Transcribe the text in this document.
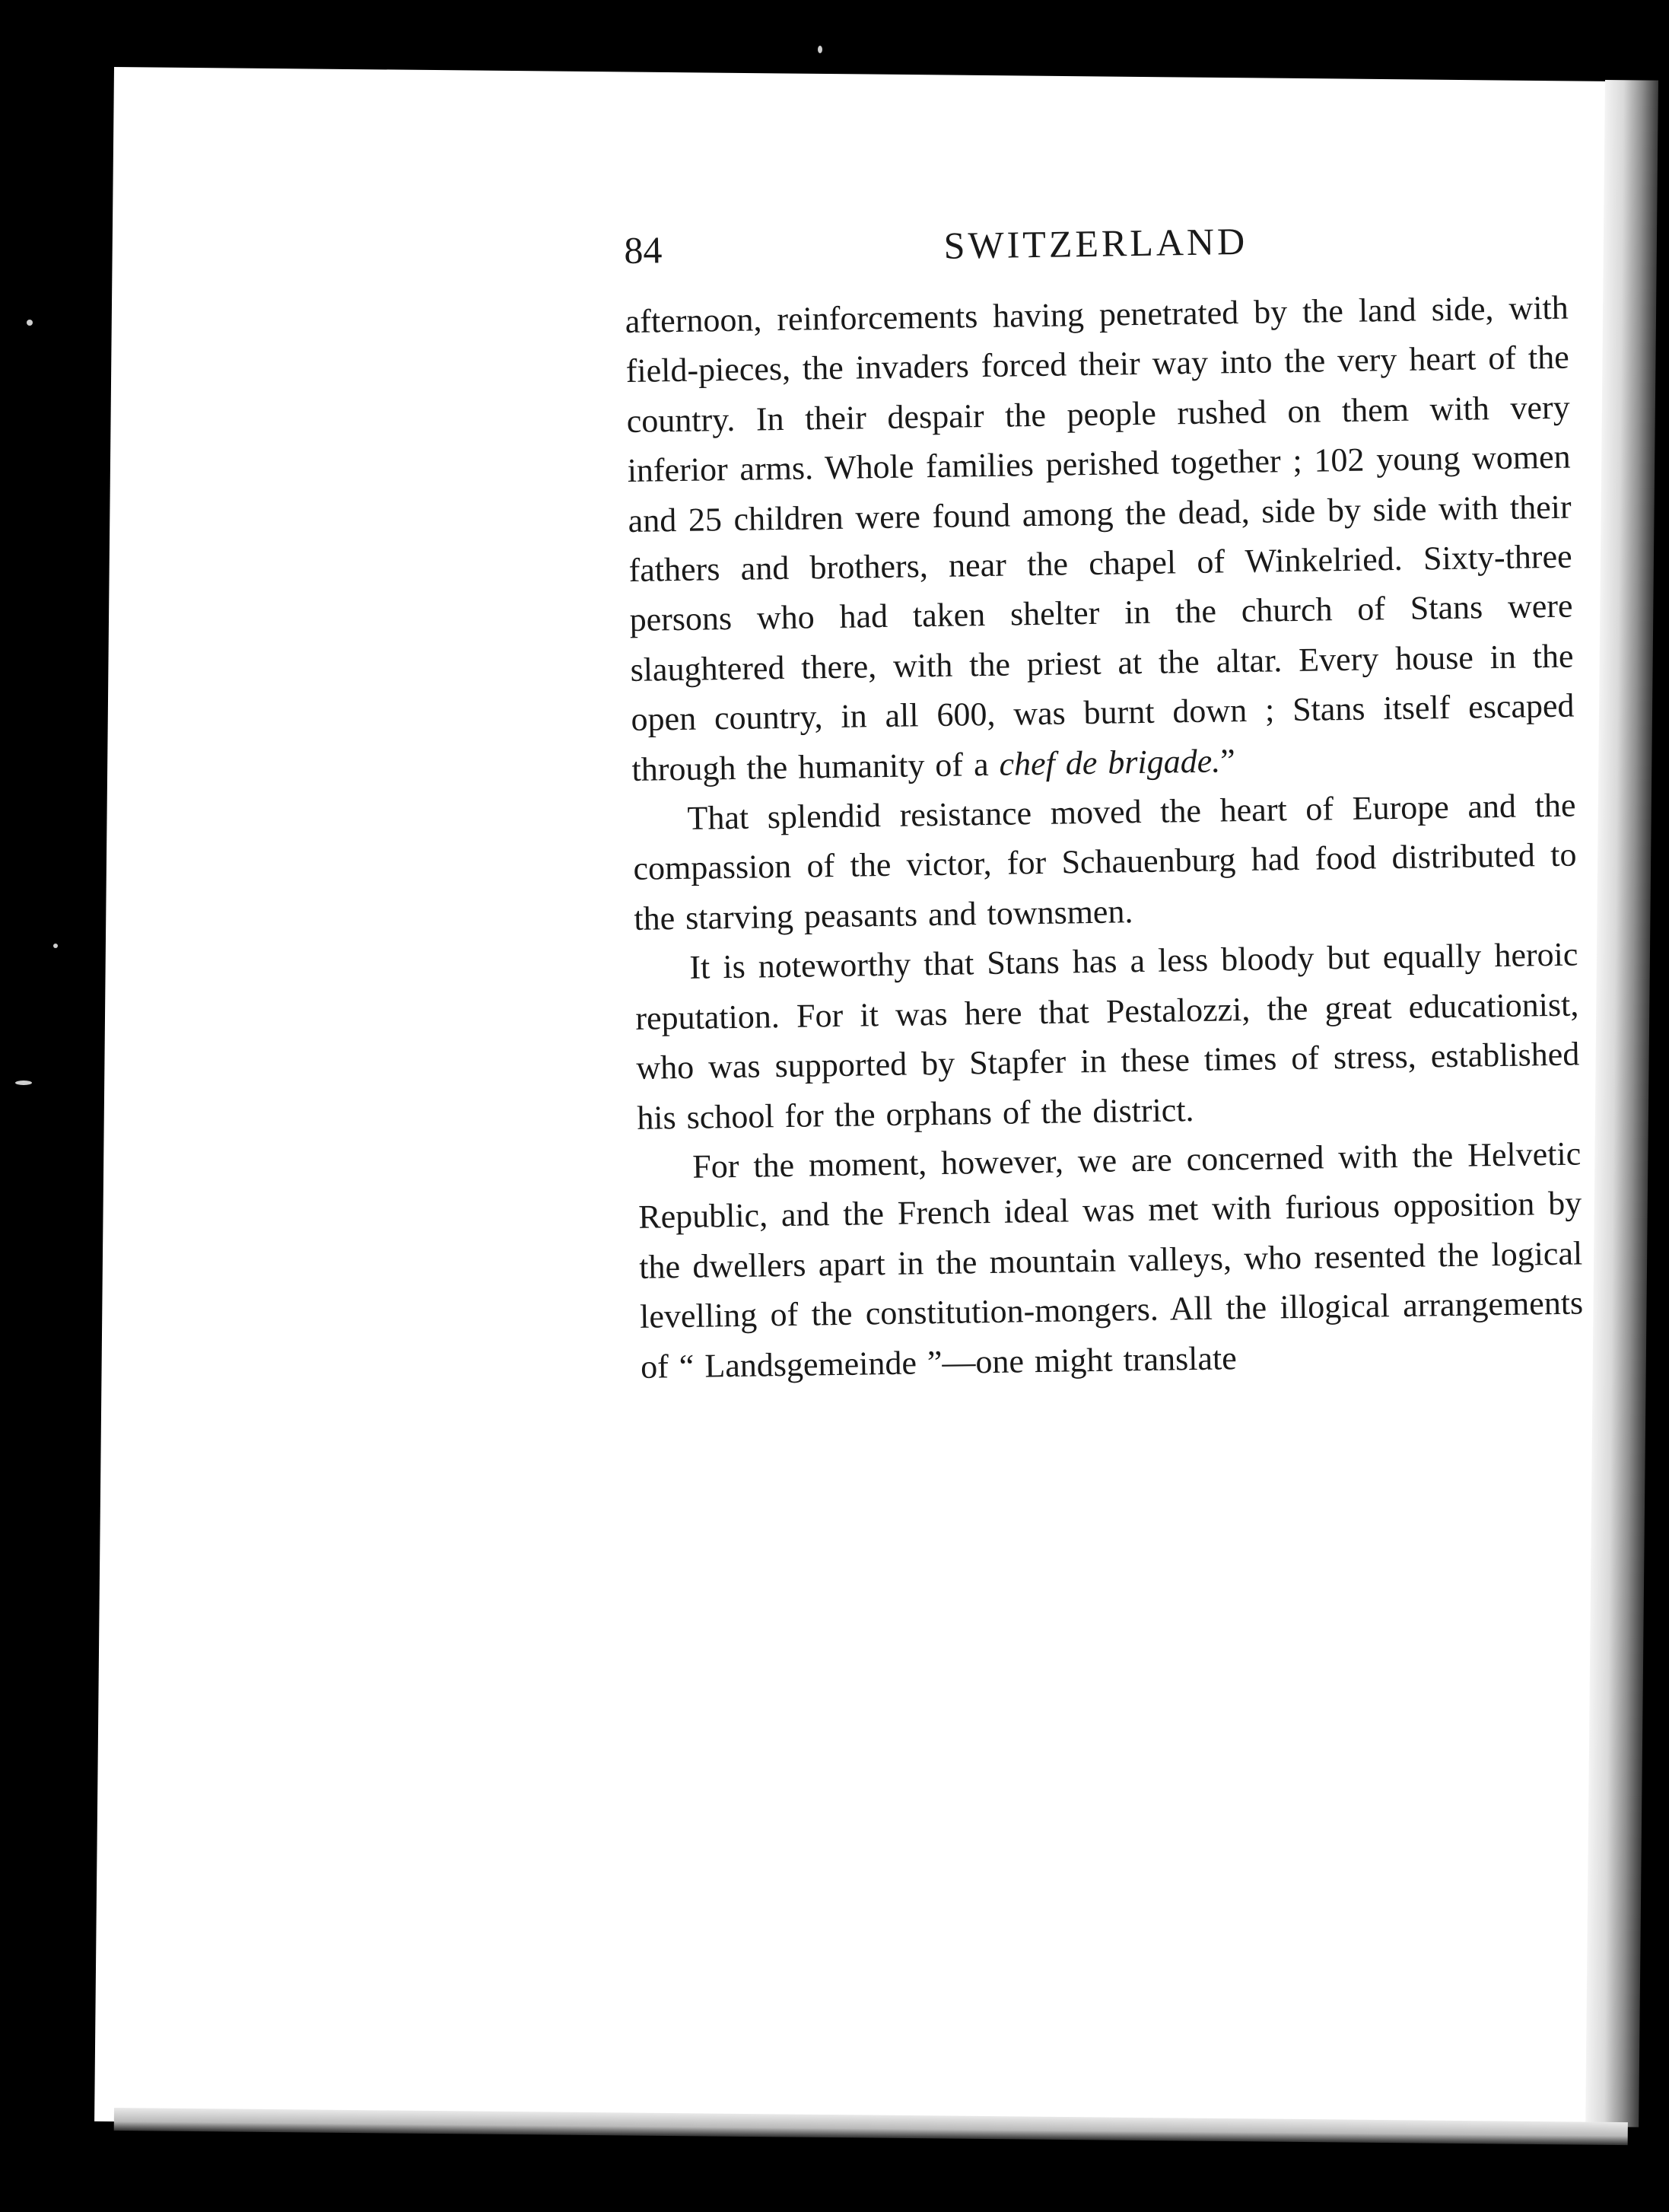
84	SWITZERLAND

afternoon, reinforcements having penetrated by the land side, with field-pieces, the invaders forced their way into the very heart of the country. In their despair the people rushed on them with very inferior arms. Whole families perished together ; 102 young women and 25 children were found among the dead, side by side with their fathers and brothers, near the chapel of Winkelried. Sixty-three persons who had taken shelter in the church of Stans were slaughtered there, with the priest at the altar. Every house in the open country, in all 600, was burnt down ; Stans itself escaped through the humanity of a chef de brigade.”

That splendid resistance moved the heart of Europe and the compassion of the victor, for Schauenburg had food distributed to the starving peasants and townsmen.

It is noteworthy that Stans has a less bloody but equally heroic reputation. For it was here that Pestalozzi, the great educationist, who was supported by Stapfer in these times of stress, established his school for the orphans of the district.

For the moment, however, we are concerned with the Helvetic Republic, and the French ideal was met with furious opposition by the dwellers apart in the mountain valleys, who resented the logical levelling of the constitution-mongers. All the illogical arrangements of “ Landsgemeinde ”—one might translate
